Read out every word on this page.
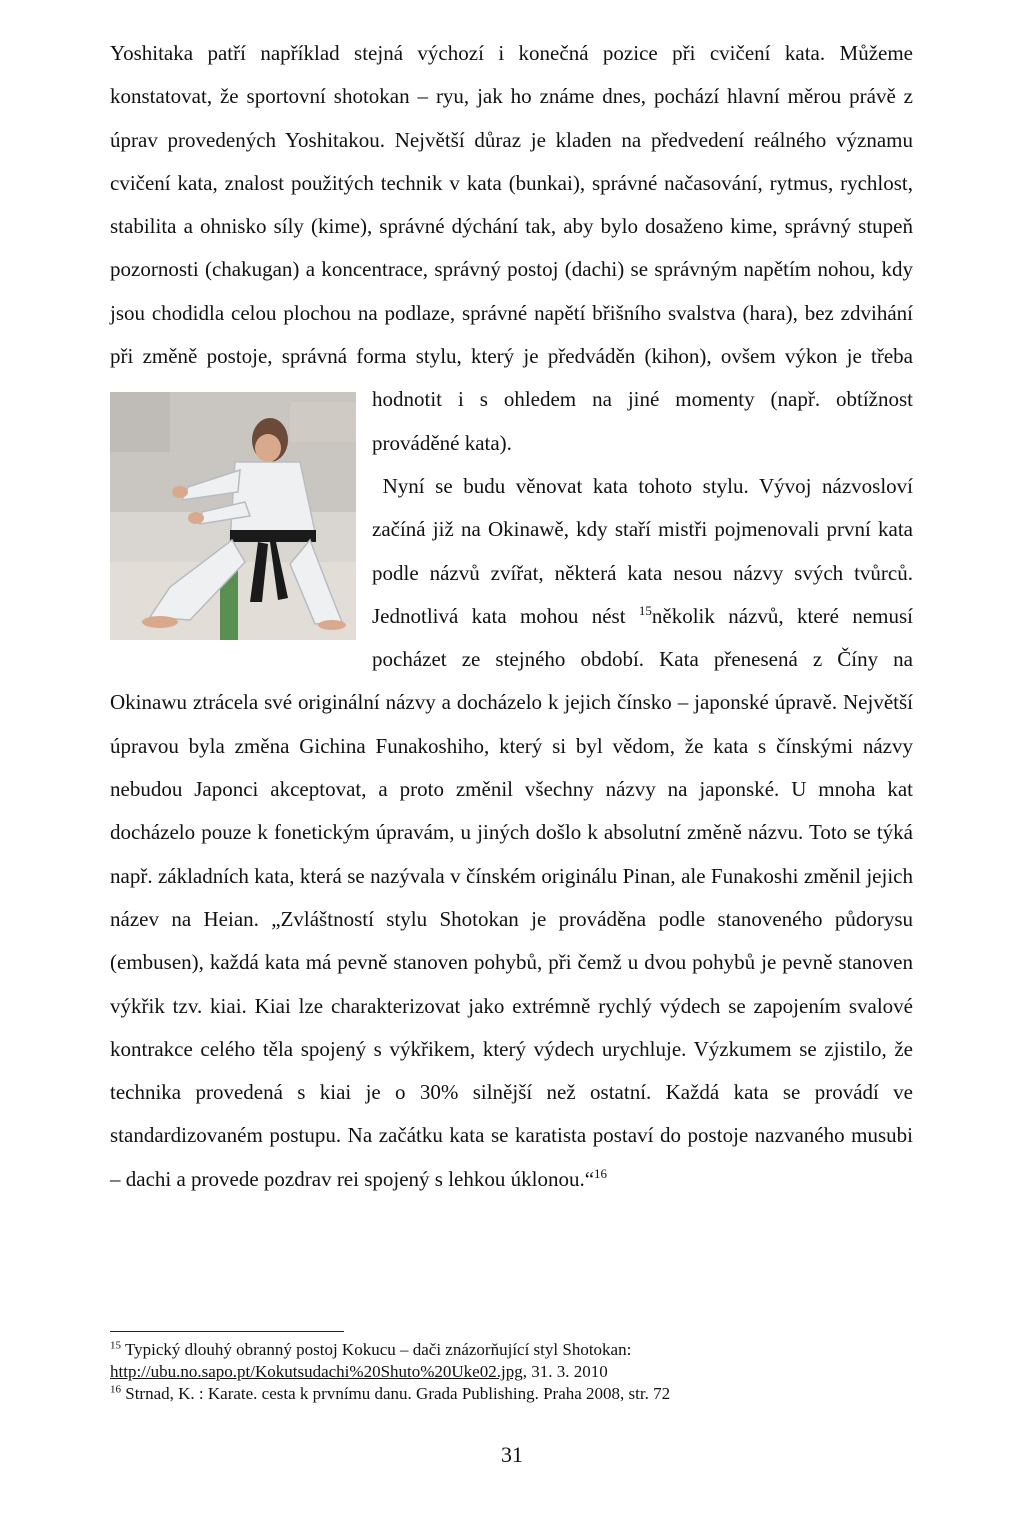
Yoshitaka patří například stejná výchozí i konečná pozice při cvičení kata. Můžeme konstatovat, že sportovní shotokan – ryu, jak ho známe dnes, pochází hlavní měrou právě z úprav provedených Yoshitakou. Největší důraz je kladen na předvedení reálného významu cvičení kata, znalost použitých technik v kata (bunkai), správné načasování, rytmus, rychlost, stabilita a ohnisko síly (kime), správné dýchání tak, aby bylo dosaženo kime, správný stupeň pozornosti (chakugan) a koncentrace, správný postoj (dachi) se správným napětím nohou, kdy jsou chodidla celou plochou na podlaze, správné napětí břišního svalstva (hara), bez zdvihání při změně postoje, správná forma stylu, který je předváděn (kihon), ovšem výkon je třeba hodnotit i s ohledem na jiné momenty (např. obtížnost prováděné kata).
Nyní se budu věnovat kata tohoto stylu. Vývoj názvosloví začíná již na Okinawě, kdy staří mistři pojmenovali první kata podle názvů zvířat, některá kata nesou názvy svých tvůrců. Jednotlivá kata mohou nést $^{15}$několik názvů, které nemusí pocházet ze stejného období. Kata přenesená z Číny na Okinawu ztrácela své originální názvy a docházelo k jejich čínsko – japonské úpravě. Největší úpravou byla změna Gichina Funakoshiho, který si byl vědom, že kata s čínskými názvy nebudou Japonci akceptovat, a proto změnil všechny názvy na japonské. U mnoha kat docházelo pouze k fonetickým úpravám, u jiných došlo k absolutní změně názvu. Toto se týká např. základních kata, která se nazývala v čínském originálu Pinan, ale Funakoshi změnil jejich název na Heian. „Zvláštností stylu Shotokan je prováděna podle stanoveného půdorysu (embusen), každá kata má pevně stanoven pohybů, při čemž u dvou pohybů je pevně stanoven výkřik tzv. kiai. Kiai lze charakterizovat jako extrémně rychlý výdech se zapojením svalové kontrakce celého těla spojený s výkřikem, který výdech urychluje. Výzkumem se zjistilo, že technika provedená s kiai je o 30% silnější než ostatní. Každá kata se provádí ve standardizovaném postupu. Na začátku kata se karatista postaví do postoje nazvaného musubi – dachi a provede pozdrav rei spojený s lehkou úklonou.“$^{16}$

$^{15}$ Typický dlouhý obranný postoj Kokucu – dači znázorňující styl Shotokan:

http://ubu.no.sapo.pt/Kokutsudachi%20Shuto%20Uke02.jpg, 31. 3. 2010

$^{16}$ Strnad, K. : Karate. cesta k prvnímu danu. Grada Publishing. Praha 2008, str. 72

31
